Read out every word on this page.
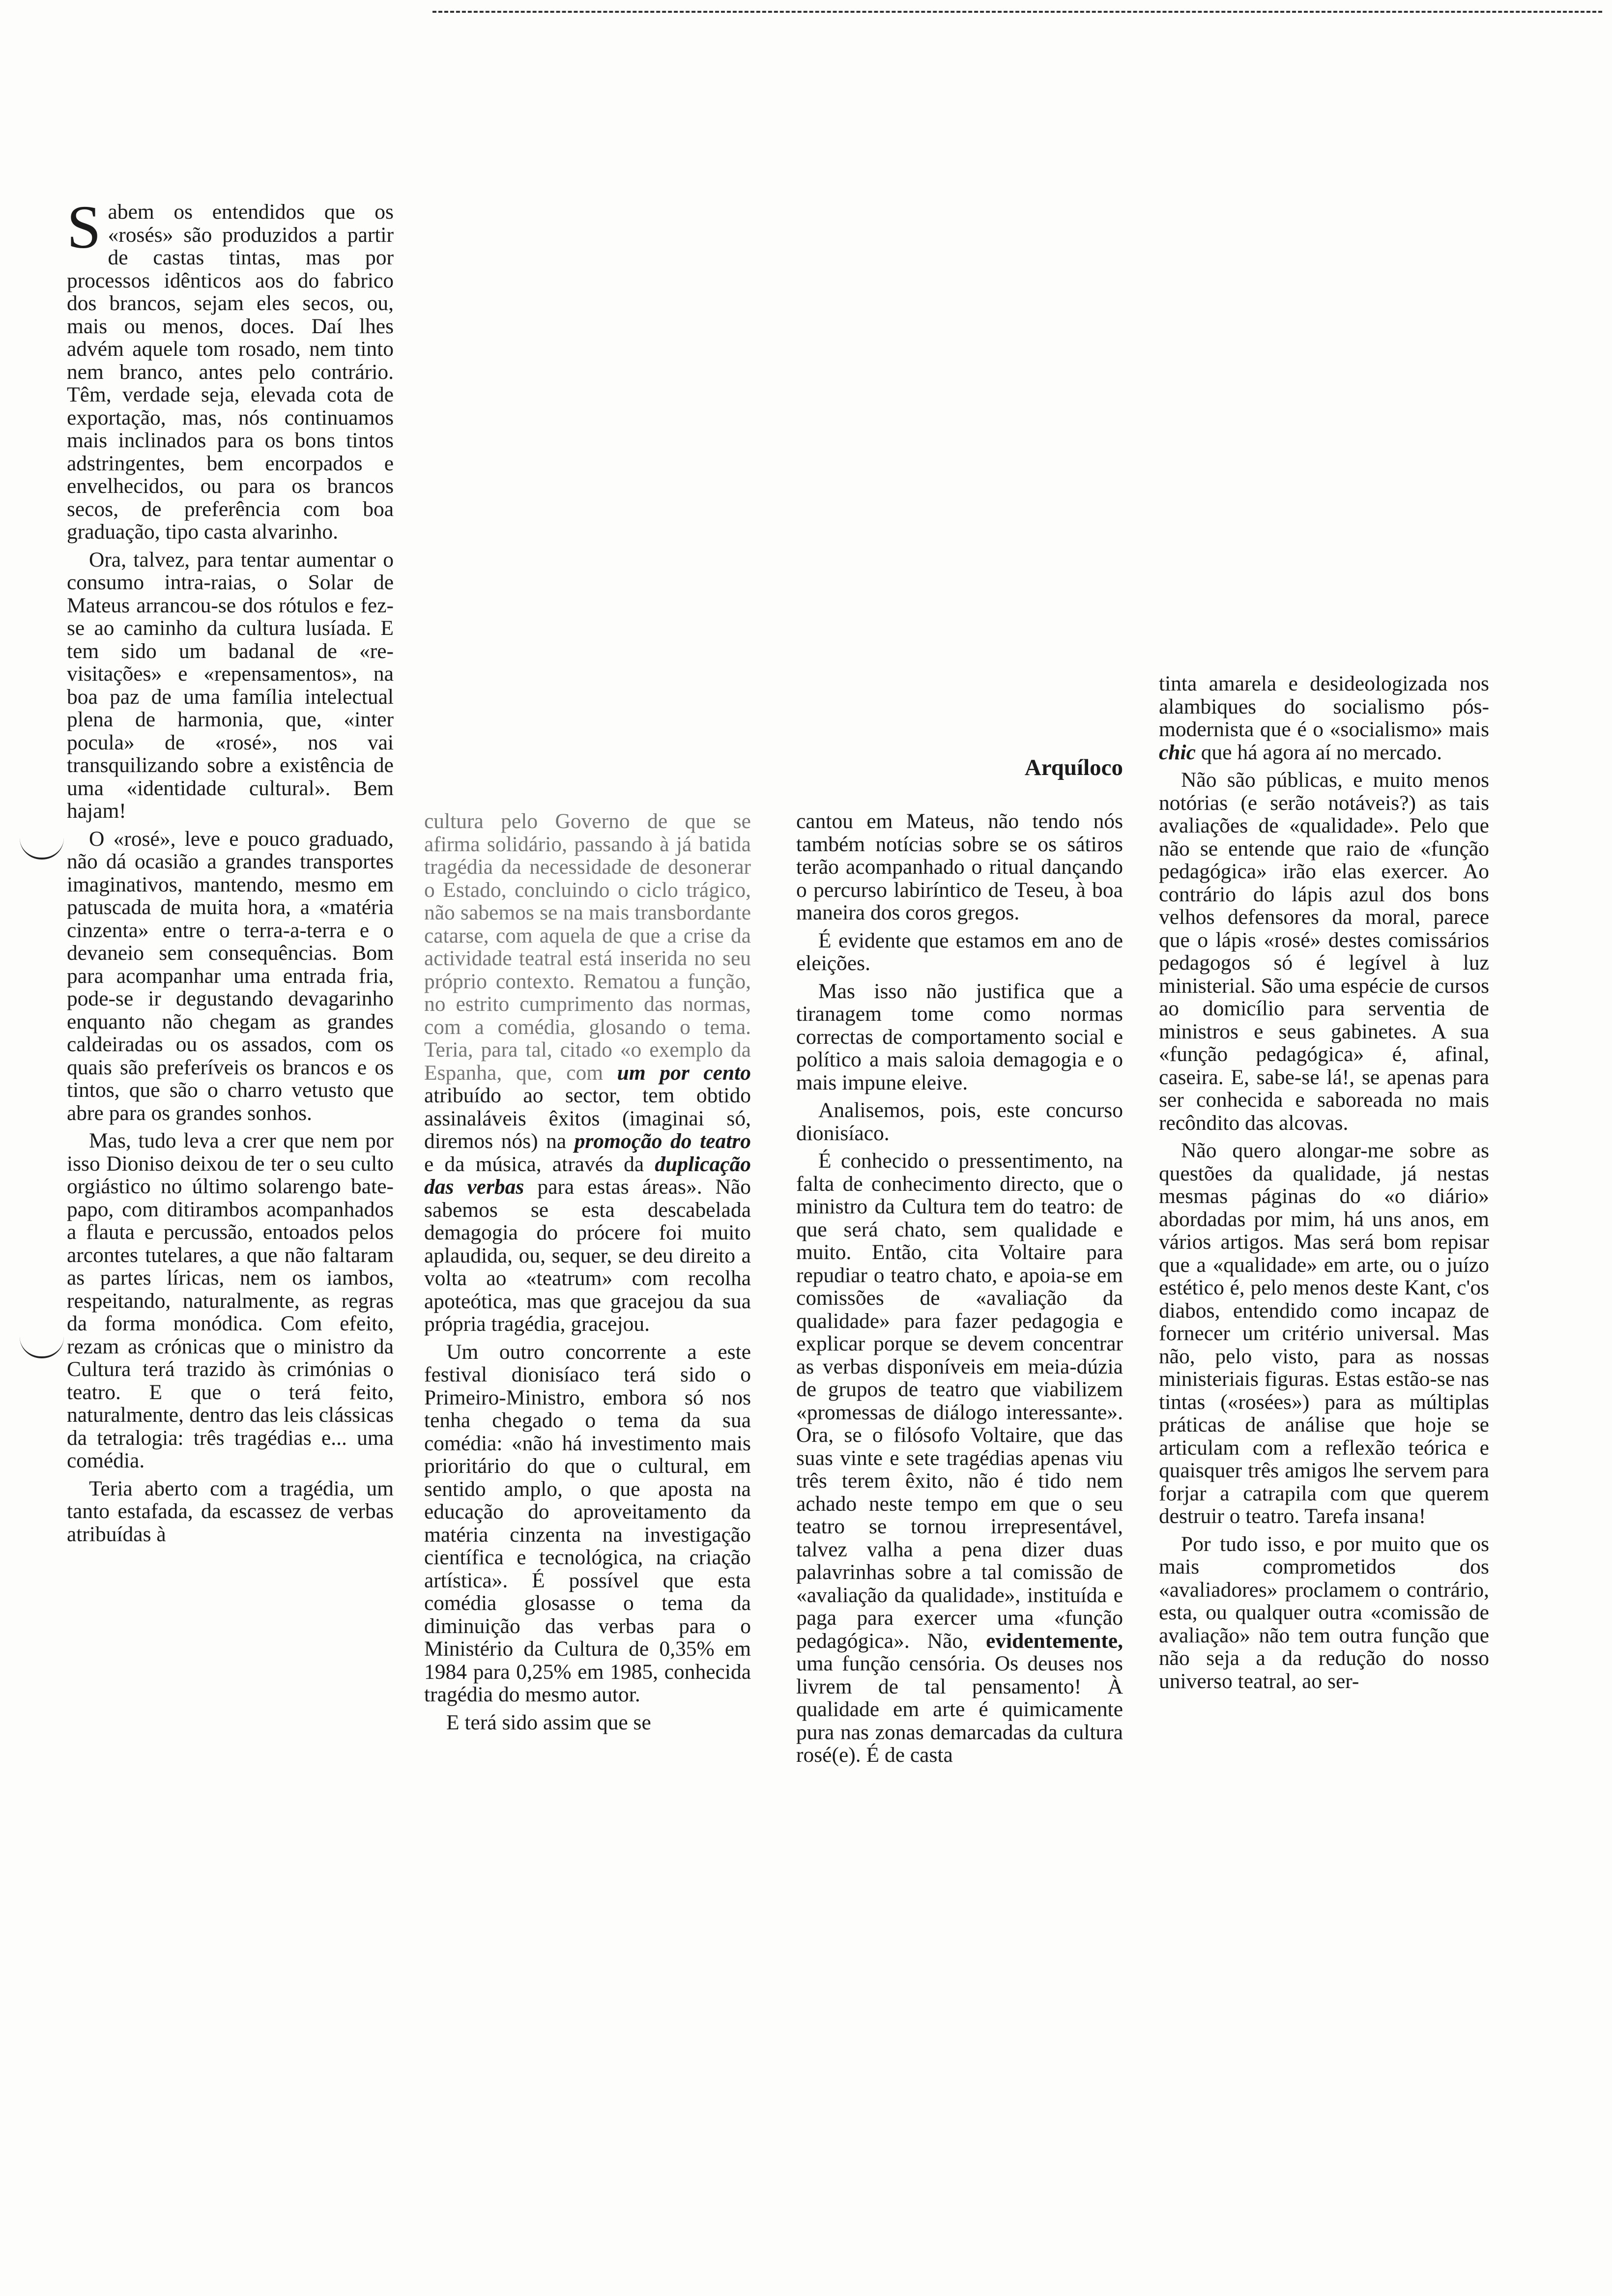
Arquíloco

Sabem os entendidos que os «rosés» são produzidos a partir de castas tintas, mas por processos idênticos aos do fabrico dos brancos, sejam eles secos, ou, mais ou menos, doces. Daí lhes advém aquele tom rosado, nem tinto nem branco, antes pelo contrário. Têm, verdade seja, elevada cota de exportação, mas, nós continuamos mais inclinados para os bons tintos adstringentes, bem encorpados e envelhecidos, ou para os brancos secos, de preferência com boa graduação, tipo casta alvarinho.

Ora, talvez, para tentar aumentar o consumo intra-raias, o Solar de Mateus arrancou-se dos rótulos e fez-se ao caminho da cultura lusíada. E tem sido um badanal de «re-visitações» e «repensamentos», na boa paz de uma família intelectual plena de harmonia, que, «inter pocula» de «rosé», nos vai transquilizando sobre a existência de uma «identidade cultural». Bem hajam!

O «rosé», leve e pouco graduado, não dá ocasião a grandes transportes imaginativos, mantendo, mesmo em patuscada de muita hora, a «matéria cinzenta» entre o terra-a-terra e o devaneio sem consequências. Bom para acompanhar uma entrada fria, pode-se ir degustando devagarinho enquanto não chegam as grandes caldeiradas ou os assados, com os quais são preferíveis os brancos e os tintos, que são o charro vetusto que abre para os grandes sonhos.

Mas, tudo leva a crer que nem por isso Dioniso deixou de ter o seu culto orgiástico no último solarengo bate-papo, com ditirambos acompanhados a flauta e percussão, entoados pelos arcontes tutelares, a que não faltaram as partes líricas, nem os iambos, respeitando, naturalmente, as regras da forma monódica. Com efeito, rezam as crónicas que o ministro da Cultura terá trazido às crimónias o teatro. E que o terá feito, naturalmente, dentro das leis clássicas da tetralogia: três tragédias e... uma comédia.

Teria aberto com a tragédia, um tanto estafada, da escassez de verbas atribuídas à

cultura pelo Governo de que se afirma solidário, passando à já batida tragédia da necessidade de desonerar o Estado, concluindo o ciclo trágico, não sabemos se na mais transbordante catarse, com aquela de que a crise da actividade teatral está inserida no seu próprio contexto. Rematou a função, no estrito cumprimento das normas, com a comédia, glosando o tema. Teria, para tal, citado «o exemplo da Espanha, que, com um por cento atribuído ao sector, tem obtido assinaláveis êxitos (imaginai só, diremos nós) na promoção do teatro e da música, através da duplicação das verbas para estas áreas». Não sabemos se esta descabelada demagogia do prócere foi muito aplaudida, ou, sequer, se deu direito a volta ao «teatrum» com recolha apoteótica, mas que gracejou da sua própria tragédia, gracejou.

Um outro concorrente a este festival dionisíaco terá sido o Primeiro-Ministro, embora só nos tenha chegado o tema da sua comédia: «não há investimento mais prioritário do que o cultural, em sentido amplo, o que aposta na educação do aproveitamento da matéria cinzenta na investigação científica e tecnológica, na criação artística». É possível que esta comédia glosasse o tema da diminuição das verbas para o Ministério da Cultura de 0,35% em 1984 para 0,25% em 1985, conhecida tragédia do mesmo autor.

E terá sido assim que se

cantou em Mateus, não tendo nós também notícias sobre se os sátiros terão acompanhado o ritual dançando o percurso labiríntico de Teseu, à boa maneira dos coros gregos.

É evidente que estamos em ano de eleições.

Mas isso não justifica que a tiranagem tome como normas correctas de comportamento social e político a mais saloia demagogia e o mais impune eleive.

Analisemos, pois, este concurso dionisíaco.

É conhecido o pressentimento, na falta de conhecimento directo, que o ministro da Cultura tem do teatro: de que será chato, sem qualidade e muito. Então, cita Voltaire para repudiar o teatro chato, e apoia-se em comissões de «avaliação da qualidade» para fazer pedagogia e explicar porque se devem concentrar as verbas disponíveis em meia-dúzia de grupos de teatro que viabilizem «promessas de diálogo interessante». Ora, se o filósofo Voltaire, que das suas vinte e sete tragédias apenas viu três terem êxito, não é tido nem achado neste tempo em que o seu teatro se tornou irrepresentável, talvez valha a pena dizer duas palavrinhas sobre a tal comissão de «avaliação da qualidade», instituída e paga para exercer uma «função pedagógica». Não, evidentemente, uma função censória. Os deuses nos livrem de tal pensamento! À qualidade em arte é quimicamente pura nas zonas demarcadas da cultura rosé(e). É de casta

tinta amarela e desideologizada nos alambiques do socialismo pós-modernista que é o «socialismo» mais chic que há agora aí no mercado.

Não são públicas, e muito menos notórias (e serão notáveis?) as tais avaliações de «qualidade». Pelo que não se entende que raio de «função pedagógica» irão elas exercer. Ao contrário do lápis azul dos bons velhos defensores da moral, parece que o lápis «rosé» destes comissários pedagogos só é legível à luz ministerial. São uma espécie de cursos ao domicílio para serventia de ministros e seus gabinetes. A sua «função pedagógica» é, afinal, caseira. E, sabe-se lá!, se apenas para ser conhecida e saboreada no mais recôndito das alcovas.

Não quero alongar-me sobre as questões da qualidade, já nestas mesmas páginas do «o diário» abordadas por mim, há uns anos, em vários artigos. Mas será bom repisar que a «qualidade» em arte, ou o juízo estético é, pelo menos deste Kant, c'os diabos, entendido como incapaz de fornecer um critério universal. Mas não, pelo visto, para as nossas ministeriais figuras. Estas estão-se nas tintas («rosées») para as múltiplas práticas de análise que hoje se articulam com a reflexão teórica e quaisquer três amigos lhe servem para forjar a catrapila com que querem destruir o teatro. Tarefa insana!

Por tudo isso, e por muito que os mais comprometidos dos «avaliadores» proclamem o contrário, esta, ou qualquer outra «comissão de avaliação» não tem outra função que não seja a da redução do nosso universo teatral, ao ser-
